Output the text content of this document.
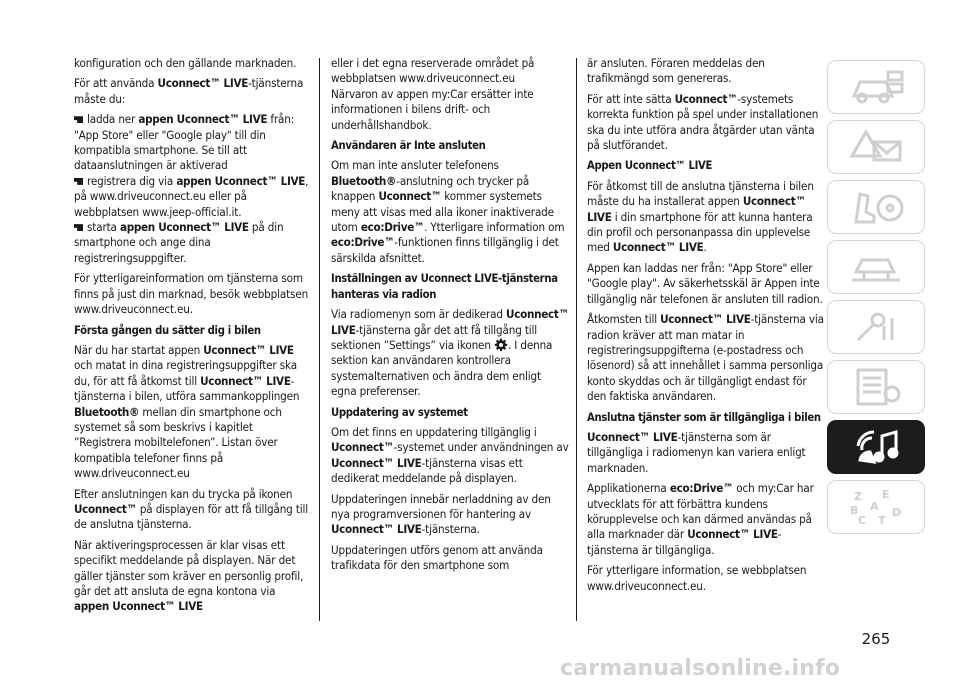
konfiguration och den gällande marknaden.

För att använda Uconnect™ LIVE-tjänsterna måste du:

ladda ner appen Uconnect™ LIVE från: "App Store" eller "Google play" till din kompatibla smartphone. Se till att dataanslutningen är aktiverad

registrera dig via appen Uconnect™ LIVE, på www.driveuconnect.eu eller på webbplatsen www.jeep-official.it.

starta appen Uconnect™ LIVE på din smartphone och ange dina registreringsuppgifter.

För ytterligareinformation om tjänsterna som finns på just din marknad, besök webbplatsen www.driveuconnect.eu.

Första gången du sätter dig i bilen

När du har startat appen Uconnect™ LIVE och matat in dina registreringsuppgifter ska du, för att få åtkomst till Uconnect™ LIVE-tjänsterna i bilen, utföra sammankopplingen Bluetooth® mellan din smartphone och systemet så som beskrivs i kapitlet ”Registrera mobiltelefonen”. Listan över kompatibla telefoner finns på www.driveuconnect.eu

Efter anslutningen kan du trycka på ikonen Uconnect™ på displayen för att få tillgång till de anslutna tjänsterna.

När aktiveringsprocessen är klar visas ett specifikt meddelande på displayen. När det gäller tjänster som kräver en personlig profil, går det att ansluta de egna kontona via appen Uconnect™ LIVE

eller i det egna reserverade området på webbplatsen www.driveuconnect.eu

Närvaron av appen my:Car ersätter inte informationen i bilens drift- och underhållshandbok.

Användaren är Inte ansluten

Om man inte ansluter telefonens Bluetooth®-anslutning och trycker på knappen Uconnect™ kommer systemets meny att visas med alla ikoner inaktiverade utom eco:Drive™. Ytterligare information om eco:Drive™-funktionen finns tillgänglig i det särskilda afsnittet.

Inställningen av Uconnect LIVE-tjänsterna hanteras via radion

Via radiomenyn som är dedikerad Uconnect™ LIVE-tjänsterna går det att få tillgång till sektionen ”Settings” via ikonen . I denna sektion kan användaren kontrollera systemalternativen och ändra dem enligt egna preferenser.

Uppdatering av systemet

Om det finns en uppdatering tillgänglig i Uconnect™-systemet under användningen av Uconnect™ LIVE-tjänsterna visas ett dedikerat meddelande på displayen.

Uppdateringen innebär nerladdning av den nya programversionen för hantering av Uconnect™ LIVE-tjänsterna.

Uppdateringen utförs genom att använda trafikdata för den smartphone som

är ansluten. Föraren meddelas den trafikmängd som genereras.

För att inte sätta Uconnect™-systemets korrekta funktion på spel under installationen ska du inte utföra andra åtgärder utan vänta på slutförandet.

Appen Uconnect™ LIVE

För åtkomst till de anslutna tjänsterna i bilen måste du ha installerat appen Uconnect™ LIVE i din smartphone för att kunna hantera din profil och personanpassa din upplevelse med Uconnect™ LIVE.

Appen kan laddas ner från: "App Store" eller "Google play". Av säkerhetsskäl är Appen inte tillgänglig när telefonen är ansluten till radion.

Åtkomsten till Uconnect™ LIVE-tjänsterna via radion kräver att man matar in registreringsuppgifterna (e-postadress och lösenord) så att innehållet i samma personliga konto skyddas och är tillgängligt endast för den faktiska användaren.

Anslutna tjänster som är tillgängliga i bilen

Uconnect™ LIVE-tjänsterna som är tillgängliga i radiomenyn kan variera enligt marknaden.

Applikationerna eco:Drive™ och my:Car har utvecklats för att förbättra kundens körupplevelse och kan därmed användas på alla marknader där Uconnect™ LIVE-tjänsterna är tillgängliga.

För ytterligare information, se webbplatsen www.driveuconnect.eu.

Z E
B A
C T
D
265
carmanualsonline.info
